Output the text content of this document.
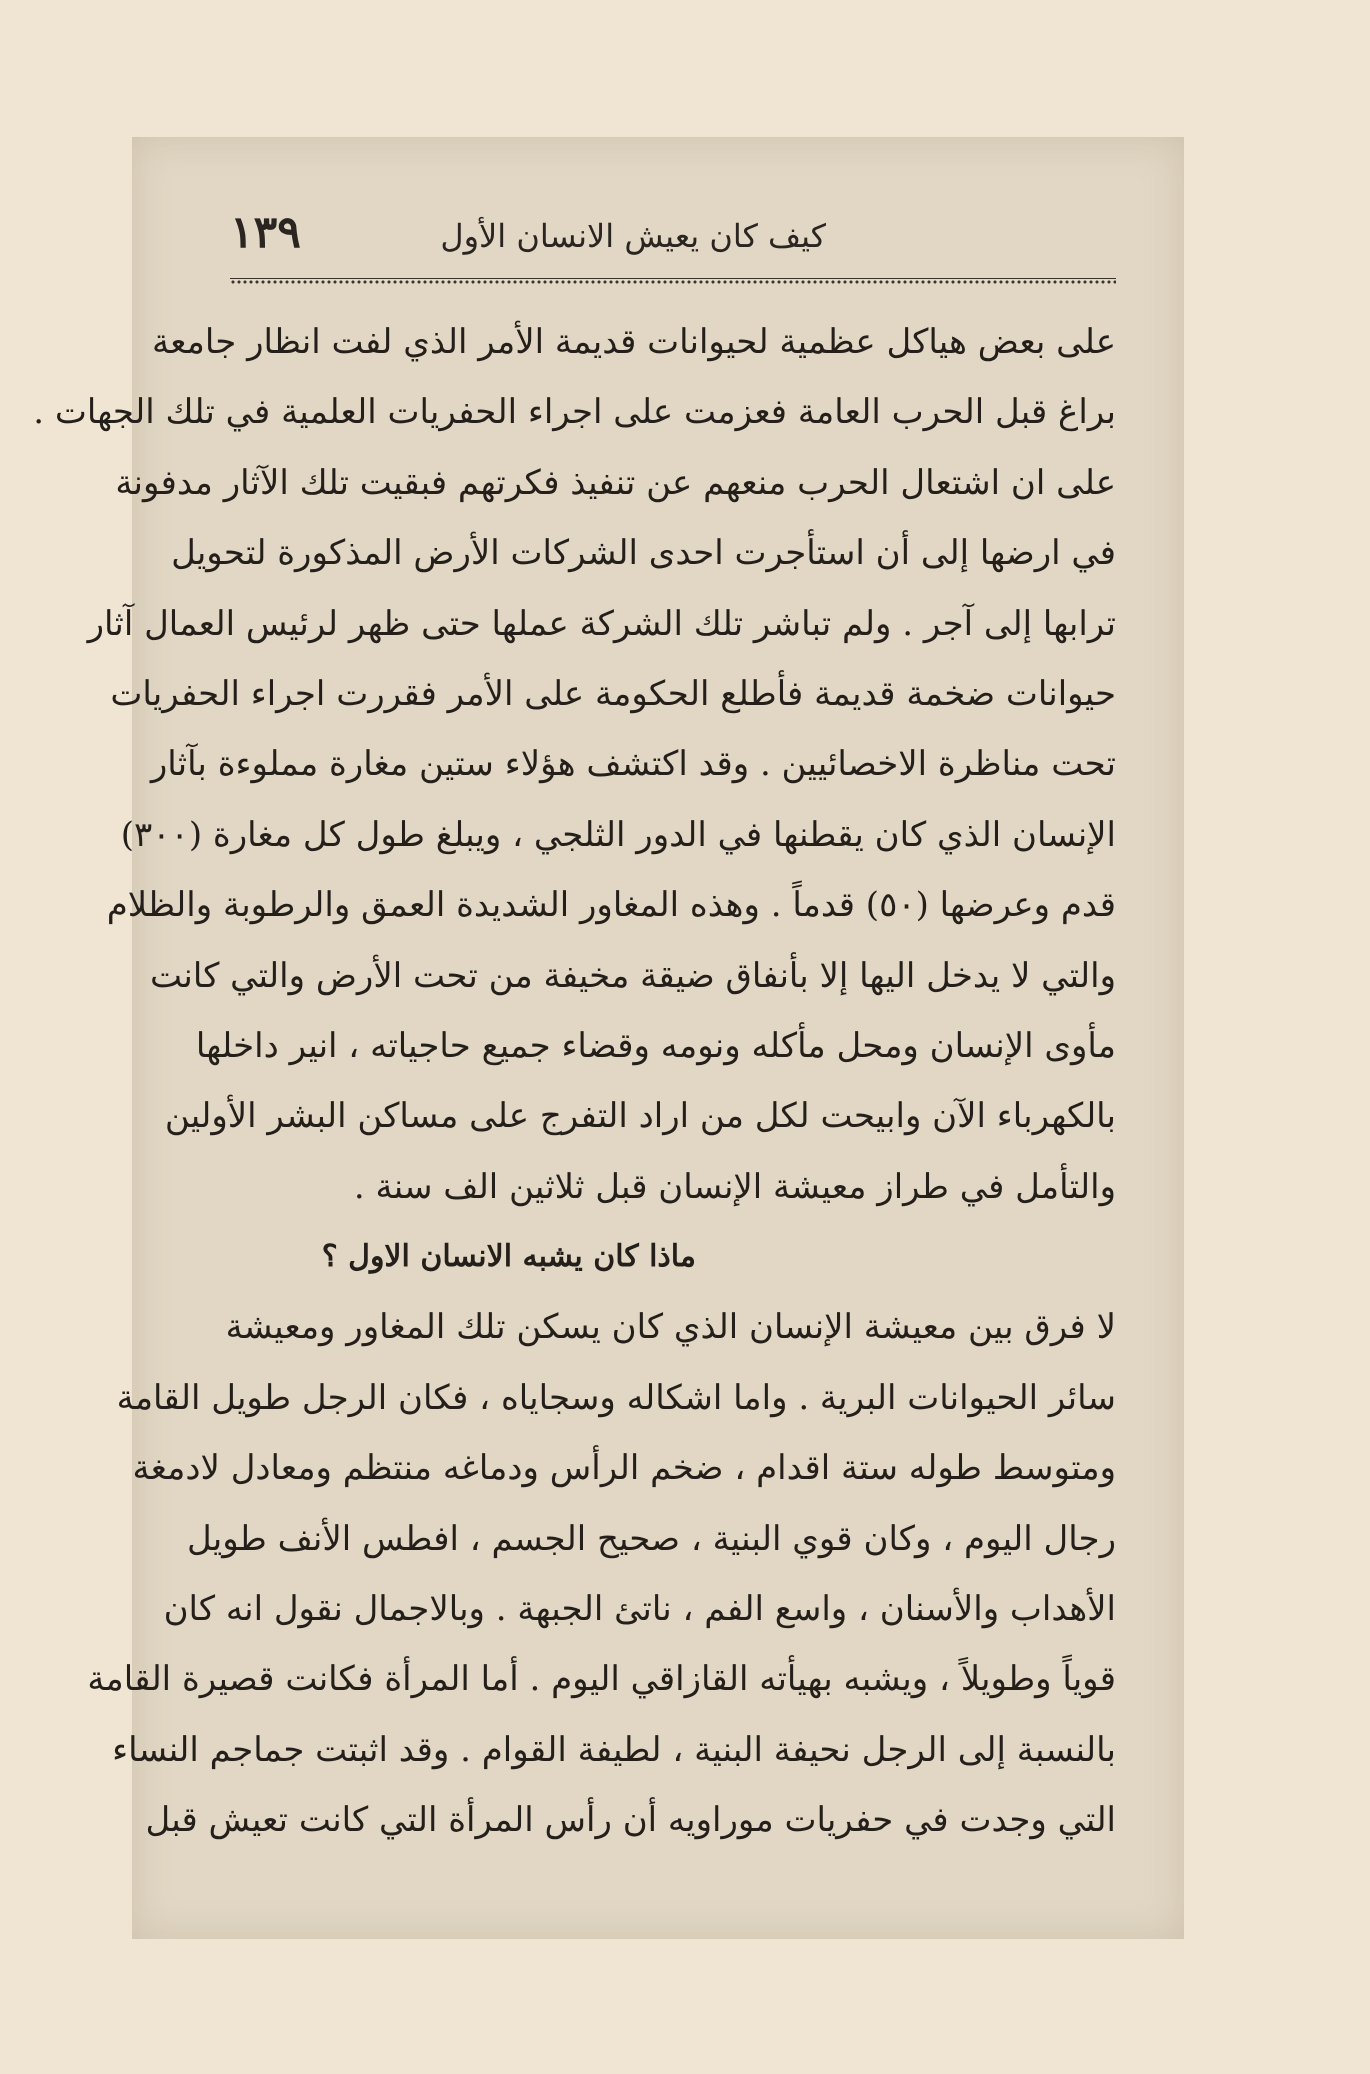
كيف كان يعيش الانسان الأول
١٣٩
على بعض هياكل عظمية لحيوانات قديمة الأمر الذي لفت انظار جامعة
براغ قبل الحرب العامة فعزمت على اجراء الحفريات العلمية في تلك الجهات .
على ان اشتعال الحرب منعهم عن تنفيذ فكرتهم فبقيت تلك الآثار مدفونة
في ارضها إلى أن استأجرت احدى الشركات الأرض المذكورة لتحويل
ترابها إلى آجر . ولم تباشر تلك الشركة عملها حتى ظهر لرئيس العمال آثار
حيوانات ضخمة قديمة فأطلع الحكومة على الأمر فقررت اجراء الحفريات
تحت مناظرة الاخصائيين . وقد اكتشف هؤلاء ستين مغارة مملوءة بآثار
الإنسان الذي كان يقطنها في الدور الثلجي ، ويبلغ طول كل مغارة (٣٠٠)
قدم وعرضها (٥٠) قدماً . وهذه المغاور الشديدة العمق والرطوبة والظلام
والتي لا يدخل اليها إلا بأنفاق ضيقة مخيفة من تحت الأرض والتي كانت
مأوى الإنسان ومحل مأكله ونومه وقضاء جميع حاجياته ، انير داخلها
بالكهرباء الآن وابيحت لكل من اراد التفرج على مساكن البشر الأولين
والتأمل في طراز معيشة الإنسان قبل ثلاثين الف سنة .
ماذا كان يشبه الانسان الاول ؟
لا فرق بين معيشة الإنسان الذي كان يسكن تلك المغاور ومعيشة
سائر الحيوانات البرية . واما اشكاله وسجاياه ، فكان الرجل طويل القامة
ومتوسط طوله ستة اقدام ، ضخم الرأس ودماغه منتظم ومعادل لادمغة
رجال اليوم ، وكان قوي البنية ، صحيح الجسم ، افطس الأنف طويل
الأهداب والأسنان ، واسع الفم ، ناتئ الجبهة . وبالاجمال نقول انه كان
قوياً وطويلاً ، ويشبه بهيأته القازاقي اليوم . أما المرأة فكانت قصيرة القامة
بالنسبة إلى الرجل نحيفة البنية ، لطيفة القوام . وقد اثبتت جماجم النساء
التي وجدت في حفريات موراويه أن رأس المرأة التي كانت تعيش قبل
